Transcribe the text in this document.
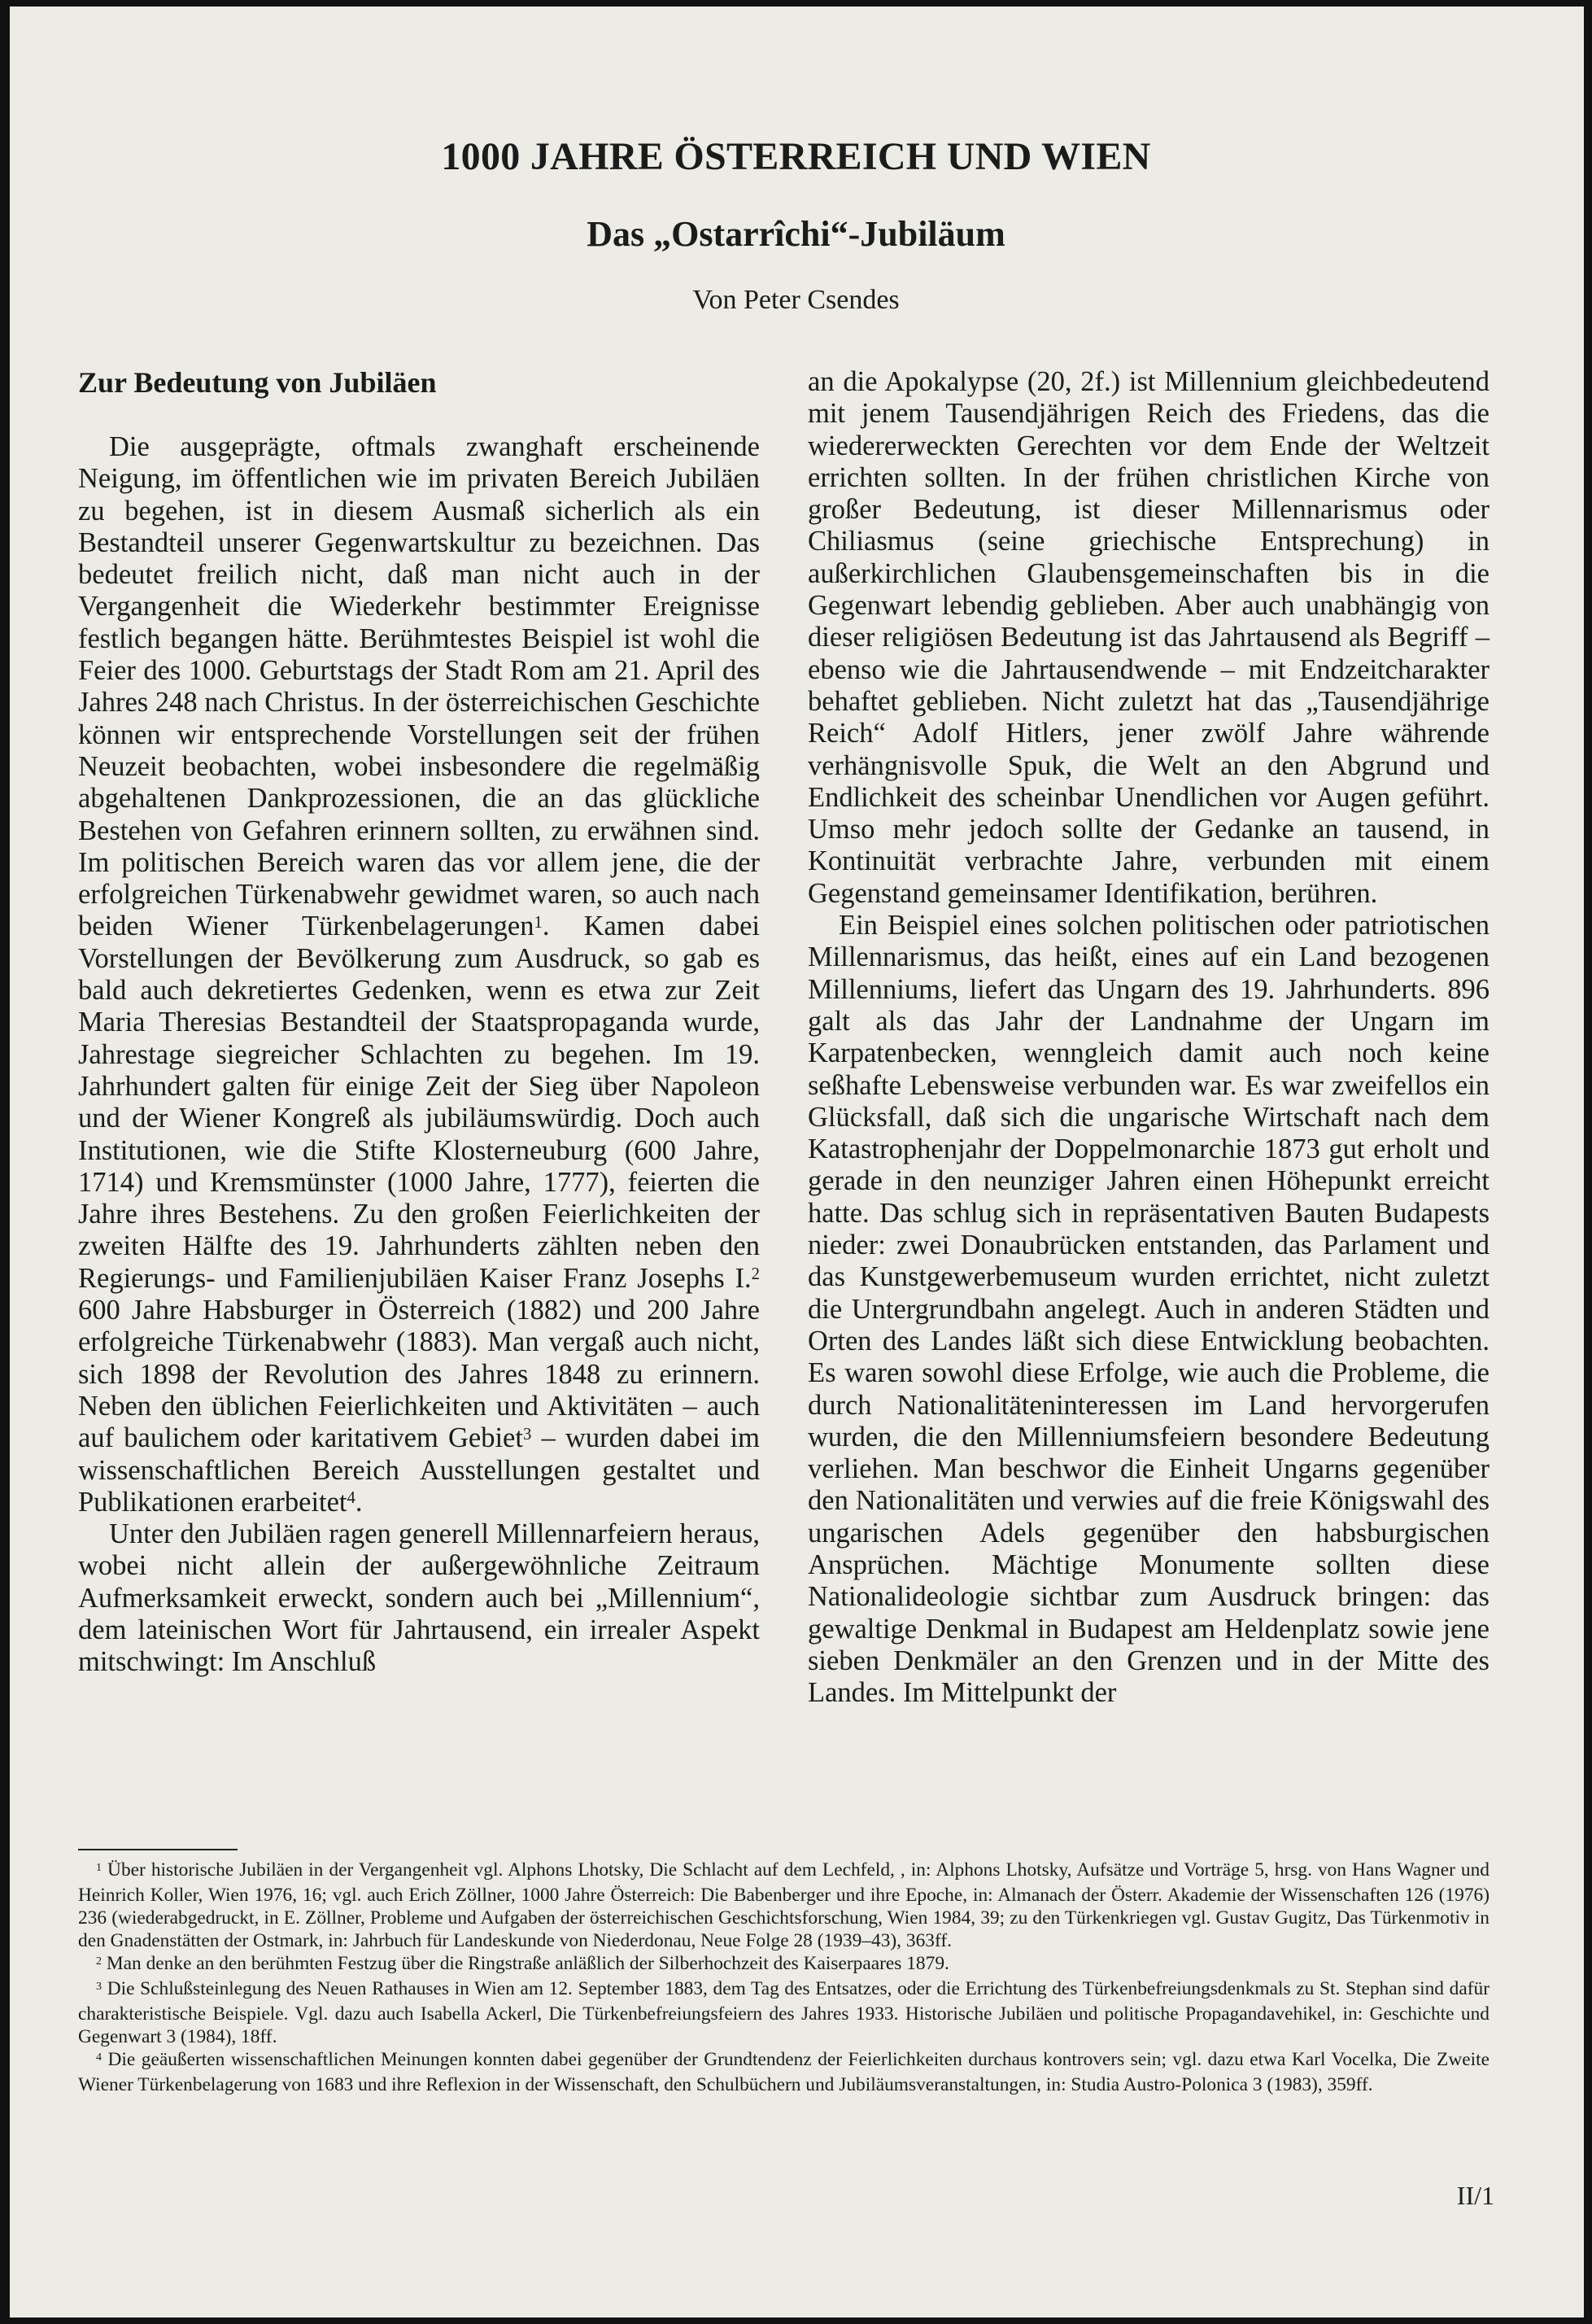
1000 JAHRE ÖSTERREICH UND WIEN
Das „Ostarrîchi“-Jubiläum
Von Peter Csendes
Zur Bedeutung von Jubiläen

Die ausgeprägte, oftmals zwanghaft erscheinende Neigung, im öffentlichen wie im privaten Bereich Jubiläen zu begehen, ist in diesem Ausmaß sicherlich als ein Bestandteil unserer Gegenwartskultur zu bezeichnen. Das bedeutet freilich nicht, daß man nicht auch in der Vergangenheit die Wiederkehr bestimmter Ereignisse festlich begangen hätte. Berühmtestes Beispiel ist wohl die Feier des 1000. Geburtstags der Stadt Rom am 21. April des Jahres 248 nach Christus. In der österreichischen Geschichte können wir entsprechende Vorstellungen seit der frühen Neuzeit beobachten, wobei insbesondere die regelmäßig abgehaltenen Dankprozessionen, die an das glückliche Bestehen von Gefahren erinnern sollten, zu erwähnen sind. Im politischen Bereich waren das vor allem jene, die der erfolgreichen Türkenabwehr gewidmet waren, so auch nach beiden Wiener Türkenbelagerungen$^1$. Kamen dabei Vorstellungen der Bevölkerung zum Ausdruck, so gab es bald auch dekretiertes Gedenken, wenn es etwa zur Zeit Maria Theresias Bestandteil der Staatspropaganda wurde, Jahrestage siegreicher Schlachten zu begehen. Im 19. Jahrhundert galten für einige Zeit der Sieg über Napoleon und der Wiener Kongreß als jubiläumswürdig. Doch auch Institutionen, wie die Stifte Klosterneuburg (600 Jahre, 1714) und Kremsmünster (1000 Jahre, 1777), feierten die Jahre ihres Bestehens. Zu den großen Feierlichkeiten der zweiten Hälfte des 19. Jahrhunderts zählten neben den Regierungs- und Familienjubiläen Kaiser Franz Josephs I.$^2$ 600 Jahre Habsburger in Österreich (1882) und 200 Jahre erfolgreiche Türkenabwehr (1883). Man vergaß auch nicht, sich 1898 der Revolution des Jahres 1848 zu erinnern. Neben den üblichen Feierlichkeiten und Aktivitäten – auch auf baulichem oder karitativem Gebiet$^3$ – wurden dabei im wissenschaftlichen Bereich Ausstellungen gestaltet und Publikationen erarbeitet$^4$.

Unter den Jubiläen ragen generell Millennarfeiern heraus, wobei nicht allein der außergewöhnliche Zeitraum Aufmerksamkeit erweckt, sondern auch bei „Millennium“, dem lateinischen Wort für Jahrtausend, ein irrealer Aspekt mitschwingt: Im Anschluß

an die Apokalypse (20, 2f.) ist Millennium gleichbedeutend mit jenem Tausendjährigen Reich des Friedens, das die wiedererweckten Gerechten vor dem Ende der Weltzeit errichten sollten. In der frühen christlichen Kirche von großer Bedeutung, ist dieser Millennarismus oder Chiliasmus (seine griechische Entsprechung) in außerkirchlichen Glaubensgemeinschaften bis in die Gegenwart lebendig geblieben. Aber auch unabhängig von dieser religiösen Bedeutung ist das Jahrtausend als Begriff – ebenso wie die Jahrtausendwende – mit Endzeitcharakter behaftet geblieben. Nicht zuletzt hat das „Tausendjährige Reich“ Adolf Hitlers, jener zwölf Jahre währende verhängnisvolle Spuk, die Welt an den Abgrund und Endlichkeit des scheinbar Unendlichen vor Augen geführt. Umso mehr jedoch sollte der Gedanke an tausend, in Kontinuität verbrachte Jahre, verbunden mit einem Gegenstand gemeinsamer Identifikation, berühren.

Ein Beispiel eines solchen politischen oder patriotischen Millennarismus, das heißt, eines auf ein Land bezogenen Millenniums, liefert das Ungarn des 19. Jahrhunderts. 896 galt als das Jahr der Landnahme der Ungarn im Karpatenbecken, wenngleich damit auch noch keine seßhafte Lebensweise verbunden war. Es war zweifellos ein Glücksfall, daß sich die ungarische Wirtschaft nach dem Katastrophenjahr der Doppelmonarchie 1873 gut erholt und gerade in den neunziger Jahren einen Höhepunkt erreicht hatte. Das schlug sich in repräsentativen Bauten Budapests nieder: zwei Donaubrücken entstanden, das Parlament und das Kunstgewerbemuseum wurden errichtet, nicht zuletzt die Untergrundbahn angelegt. Auch in anderen Städten und Orten des Landes läßt sich diese Entwicklung beobachten. Es waren sowohl diese Erfolge, wie auch die Probleme, die durch Nationalitäteninteressen im Land hervorgerufen wurden, die den Millenniumsfeiern besondere Bedeutung verliehen. Man beschwor die Einheit Ungarns gegenüber den Nationalitäten und verwies auf die freie Königswahl des ungarischen Adels gegenüber den habsburgischen Ansprüchen. Mächtige Monumente sollten diese Nationalideologie sichtbar zum Ausdruck bringen: das gewaltige Denkmal in Budapest am Heldenplatz sowie jene sieben Denkmäler an den Grenzen und in der Mitte des Landes. Im Mittelpunkt der

$^1$ Über historische Jubiläen in der Vergangenheit vgl. Alphons Lhotsky, Die Schlacht auf dem Lechfeld, , in: Alphons Lhotsky, Aufsätze und Vorträge 5, hrsg. von Hans Wagner und Heinrich Koller, Wien 1976, 16; vgl. auch Erich Zöllner, 1000 Jahre Österreich: Die Babenberger und ihre Epoche, in: Almanach der Österr. Akademie der Wissenschaften 126 (1976) 236 (wiederabgedruckt, in E. Zöllner, Probleme und Aufgaben der österreichischen Geschichtsforschung, Wien 1984, 39; zu den Türkenkriegen vgl. Gustav Gugitz, Das Türkenmotiv in den Gnadenstätten der Ostmark, in: Jahrbuch für Landeskunde von Niederdonau, Neue Folge 28 (1939–43), 363ff.

$^2$ Man denke an den berühmten Festzug über die Ringstraße anläßlich der Silberhochzeit des Kaiserpaares 1879.

$^3$ Die Schlußsteinlegung des Neuen Rathauses in Wien am 12. September 1883, dem Tag des Entsatzes, oder die Errichtung des Türkenbefreiungsdenkmals zu St. Stephan sind dafür charakteristische Beispiele. Vgl. dazu auch Isabella Ackerl, Die Türkenbefreiungsfeiern des Jahres 1933. Historische Jubiläen und politische Propagandavehikel, in: Geschichte und Gegenwart 3 (1984), 18ff.

$^4$ Die geäußerten wissenschaftlichen Meinungen konnten dabei gegenüber der Grundtendenz der Feierlichkeiten durchaus kontrovers sein; vgl. dazu etwa Karl Vocelka, Die Zweite Wiener Türkenbelagerung von 1683 und ihre Reflexion in der Wissenschaft, den Schulbüchern und Jubiläumsveranstaltungen, in: Studia Austro-Polonica 3 (1983), 359ff.

II/1
